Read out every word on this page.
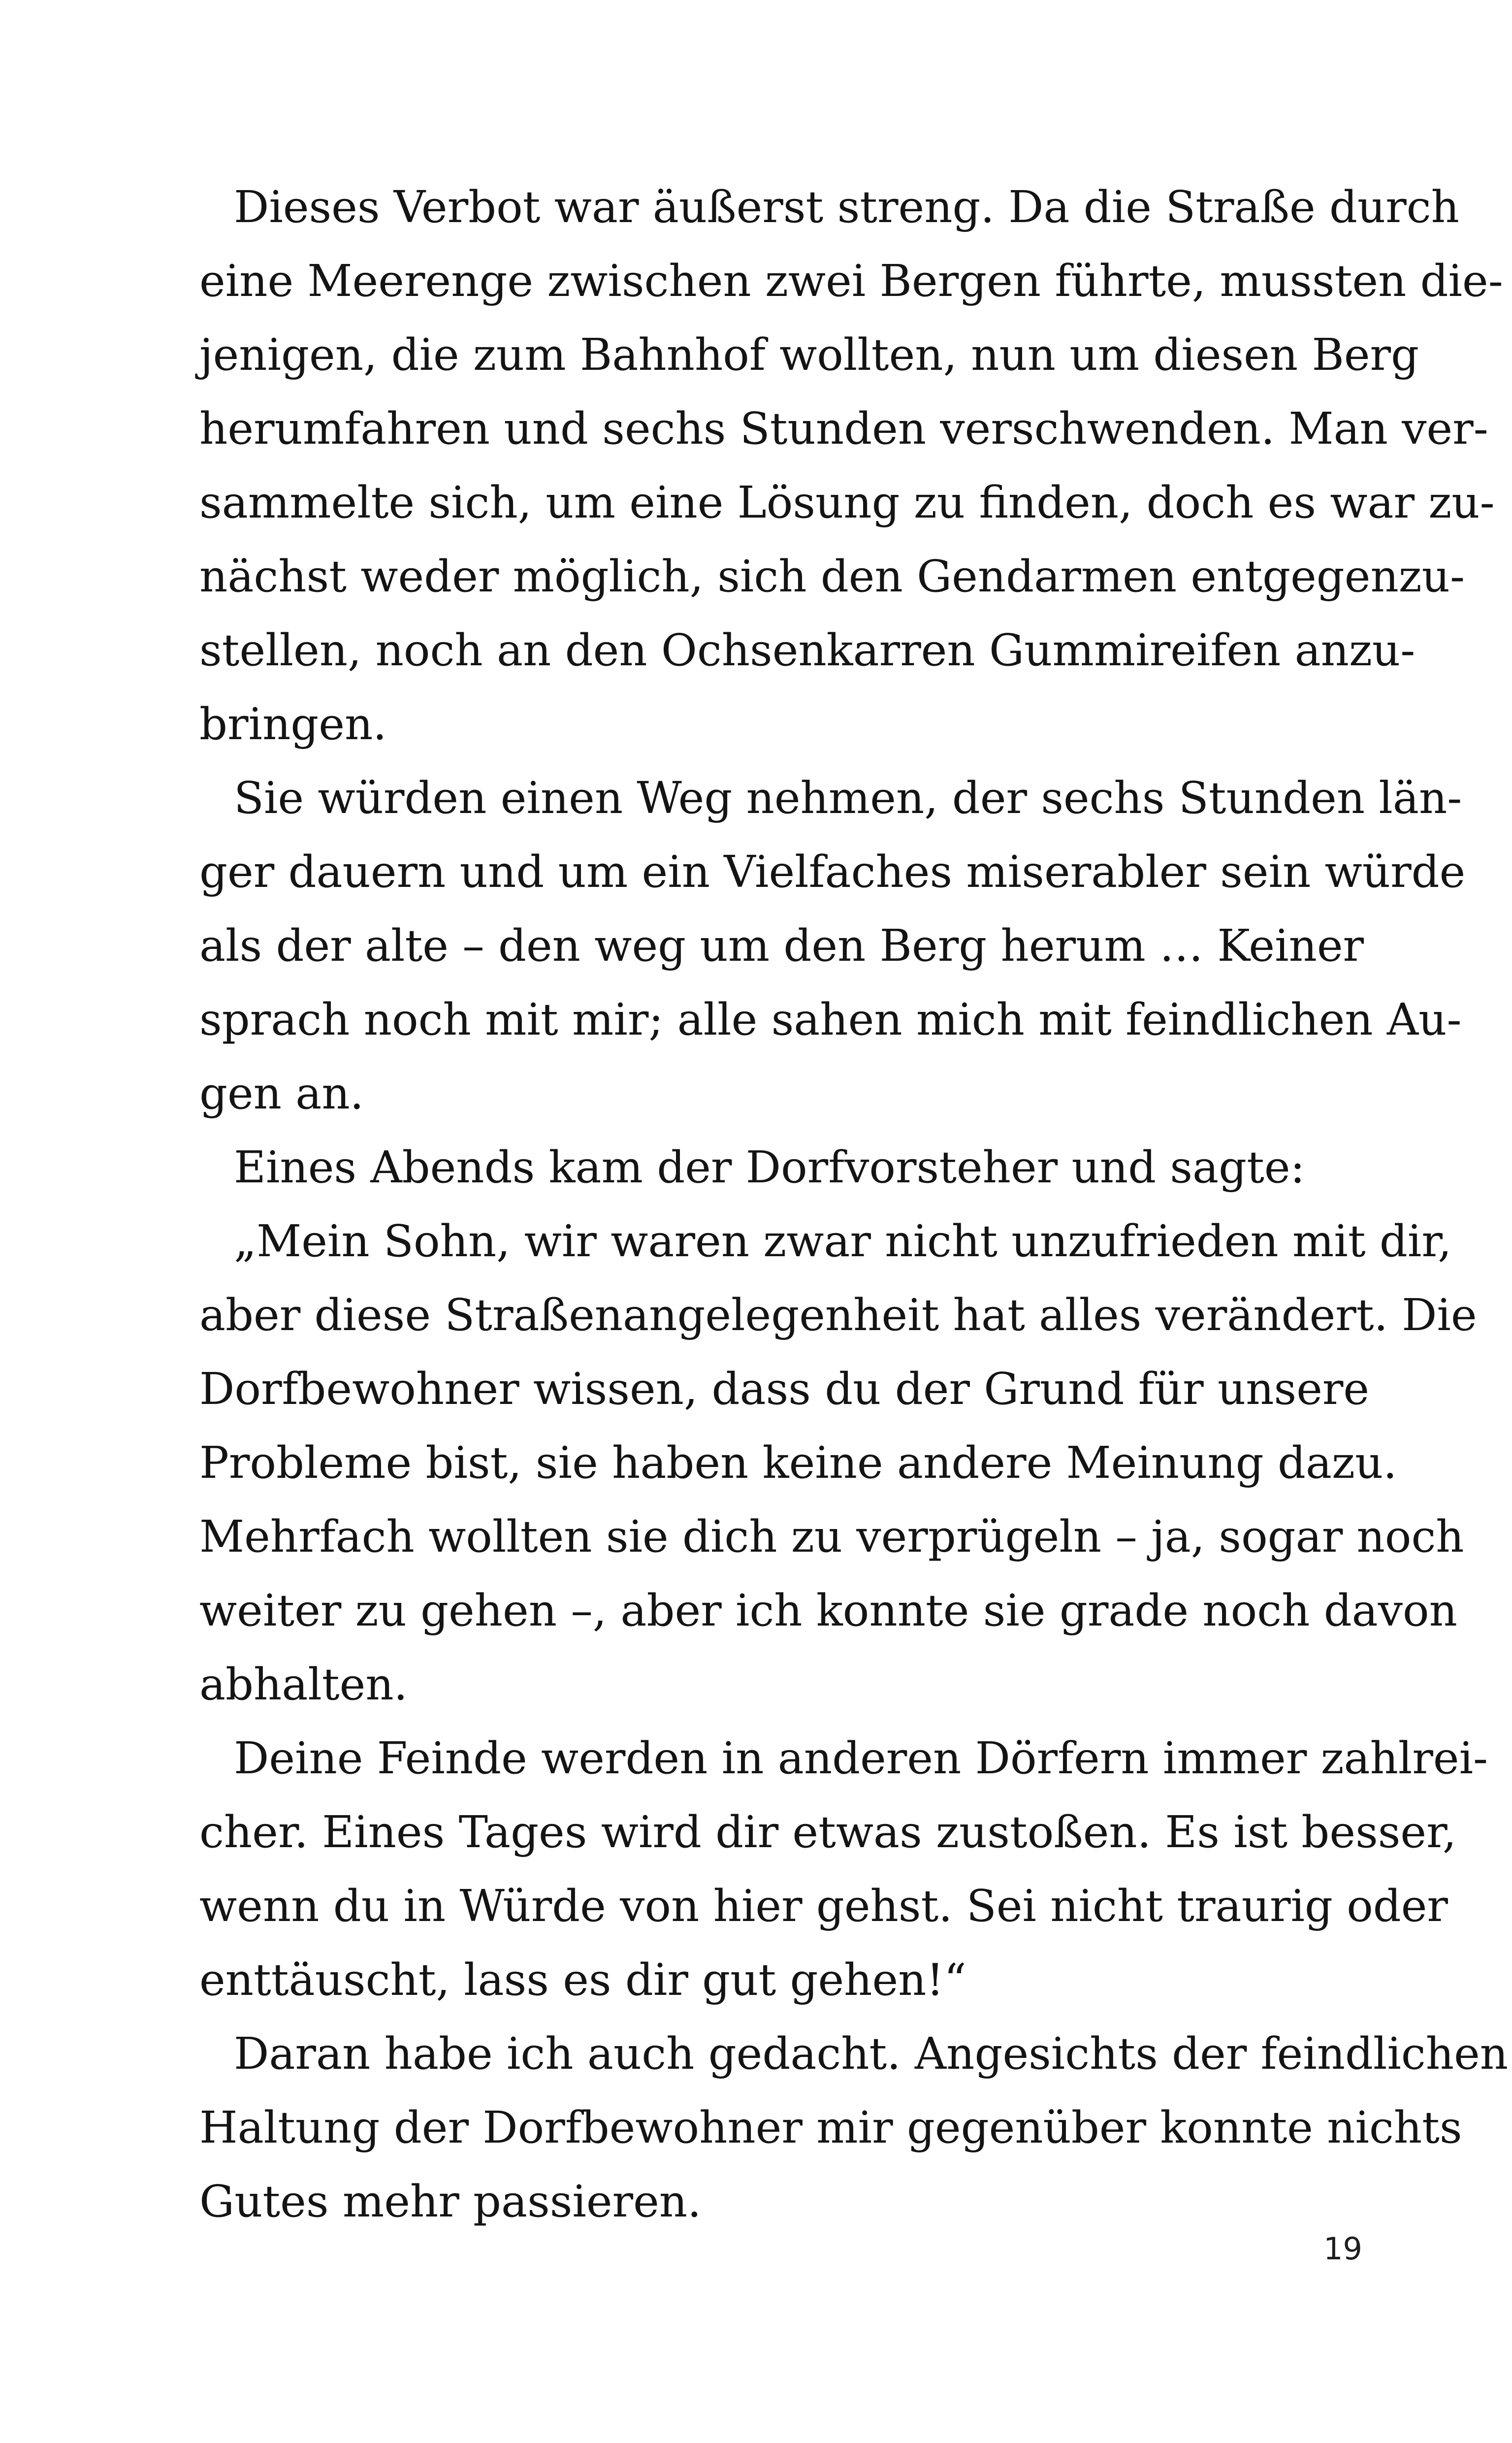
Dieses Verbot war äußerst streng. Da die Straße durch
eine Meerenge zwischen zwei Bergen führte, mussten die-
jenigen, die zum Bahnhof wollten, nun um diesen Berg
herumfahren und sechs Stunden verschwenden. Man ver-
sammelte sich, um eine Lösung zu finden, doch es war zu-
nächst weder möglich, sich den Gendarmen entgegenzu-
stellen, noch an den Ochsenkarren Gummireifen anzu-
bringen.
Sie würden einen Weg nehmen, der sechs Stunden län-
ger dauern und um ein Vielfaches miserabler sein würde
als der alte – den weg um den Berg herum … Keiner
sprach noch mit mir; alle sahen mich mit feindlichen Au-
gen an.
Eines Abends kam der Dorfvorsteher und sagte:
„Mein Sohn, wir waren zwar nicht unzufrieden mit dir,
aber diese Straßenangelegenheit hat alles verändert. Die
Dorfbewohner wissen, dass du der Grund für unsere
Probleme bist, sie haben keine andere Meinung dazu.
Mehrfach wollten sie dich zu verprügeln – ja, sogar noch
weiter zu gehen –, aber ich konnte sie grade noch davon
abhalten.
Deine Feinde werden in anderen Dörfern immer zahlrei-
cher. Eines Tages wird dir etwas zustoßen. Es ist besser,
wenn du in Würde von hier gehst. Sei nicht traurig oder
enttäuscht, lass es dir gut gehen!“
Daran habe ich auch gedacht. Angesichts der feindlichen
Haltung der Dorfbewohner mir gegenüber konnte nichts
Gutes mehr passieren.
19
